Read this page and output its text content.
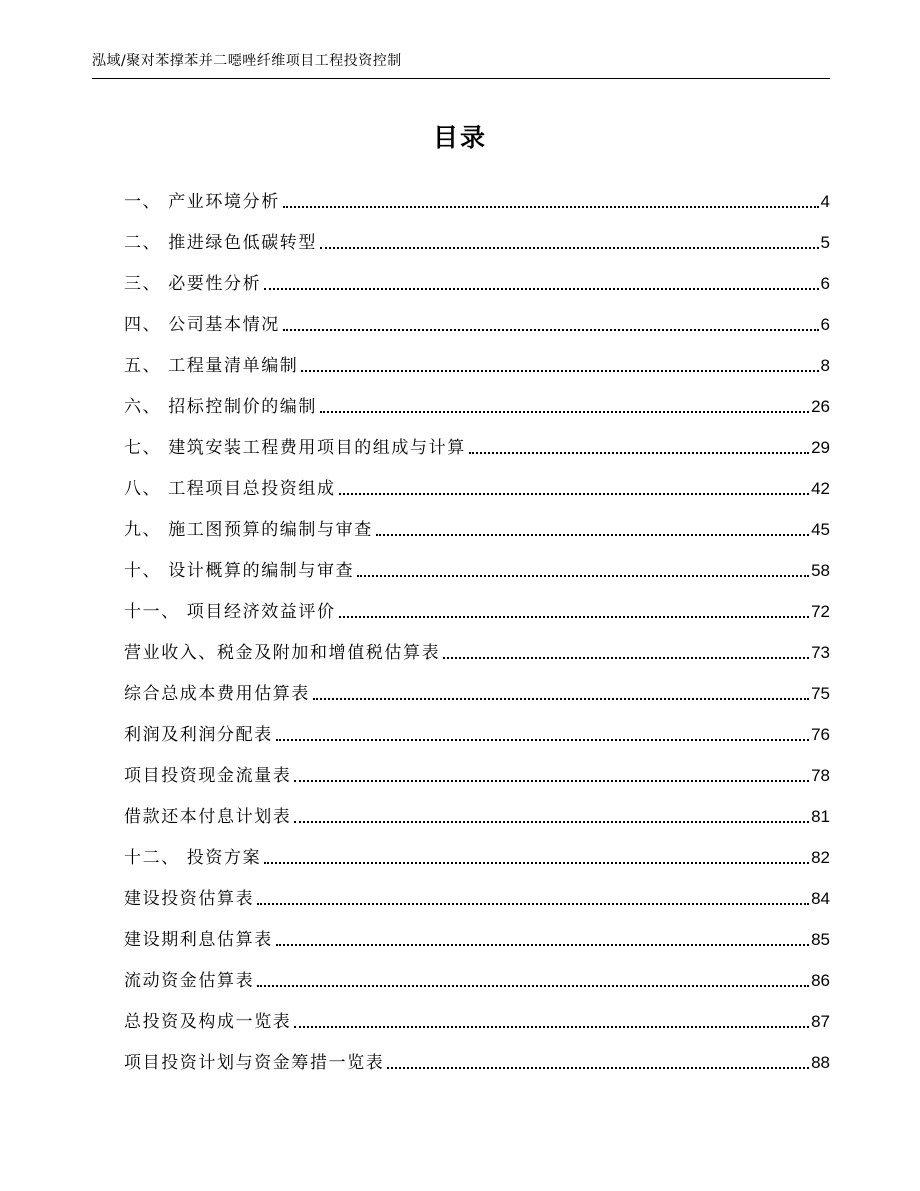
泓域/聚对苯撑苯并二噁唑纤维项目工程投资控制
目录
一、 产业环境分析	4
二、 推进绿色低碳转型	5
三、 必要性分析	6
四、 公司基本情况	6
五、 工程量清单编制	8
六、 招标控制价的编制	26
七、 建筑安装工程费用项目的组成与计算	29
八、 工程项目总投资组成	42
九、 施工图预算的编制与审查	45
十、 设计概算的编制与审查	58
十一、 项目经济效益评价	72
营业收入、税金及附加和增值税估算表	73
综合总成本费用估算表	75
利润及利润分配表	76
项目投资现金流量表	78
借款还本付息计划表	81
十二、 投资方案	82
建设投资估算表	84
建设期利息估算表	85
流动资金估算表	86
总投资及构成一览表	87
项目投资计划与资金筹措一览表	88
